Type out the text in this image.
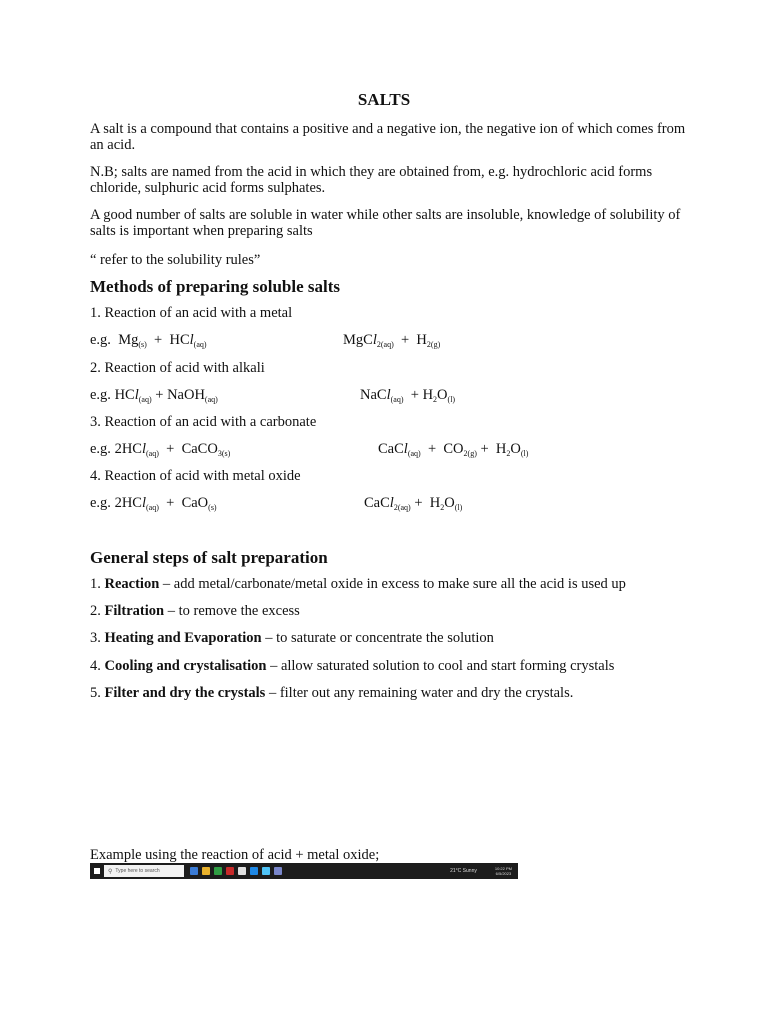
SALTS
A salt is a compound that contains a positive and a negative ion, the negative ion of which comes from an acid.
N.B; salts are named from the acid in which they are obtained from, e.g. hydrochloric acid forms chloride, sulphuric acid forms sulphates.
A good number of salts are soluble in water while other salts are insoluble, knowledge of solubility of salts is important when preparing salts
“ refer to the solubility rules”
Methods of preparing soluble salts
1. Reaction of an acid with a metal
e.g.  $Mg_{(s)} + HCl_{(aq)}$	MgCl$_{2(aq)}$  +  $H_{2(g)}$
2. Reaction of acid with alkali
e.g. HCl$_{(aq)}$ + NaOH$_{(aq)}$	NaCl$_{(aq)}$  + $H_2O_{(l)}$
3. Reaction of an acid with a carbonate
e.g. 2HCl$_{(aq)}$  +  CaCO$_{3(s)}$	CaCl$_{(aq)}$  +  $CO_{2(g)} + H_2O_{(l)}$
4. Reaction of acid with metal oxide
e.g. 2HCl$_{(aq)}$  +  CaO$_{(s)}$	CaCl$_{2(aq)}$ +  $H_2O_{(l)}$
General steps of salt preparation
1. Reaction – add metal/carbonate/metal oxide in excess to make sure all the acid is used up
2. Filtration – to remove the excess
3. Heating and Evaporation – to saturate or concentrate the solution
4. Cooling and crystalisation – allow saturated solution to cool and start forming crystals
5. Filter and dry the crystals – filter out any remaining water and dry the crystals.
Example using the reaction of acid + metal oxide;
⚲ Type here to search	21°C Sunny	10:22 PM
6/5/2023
